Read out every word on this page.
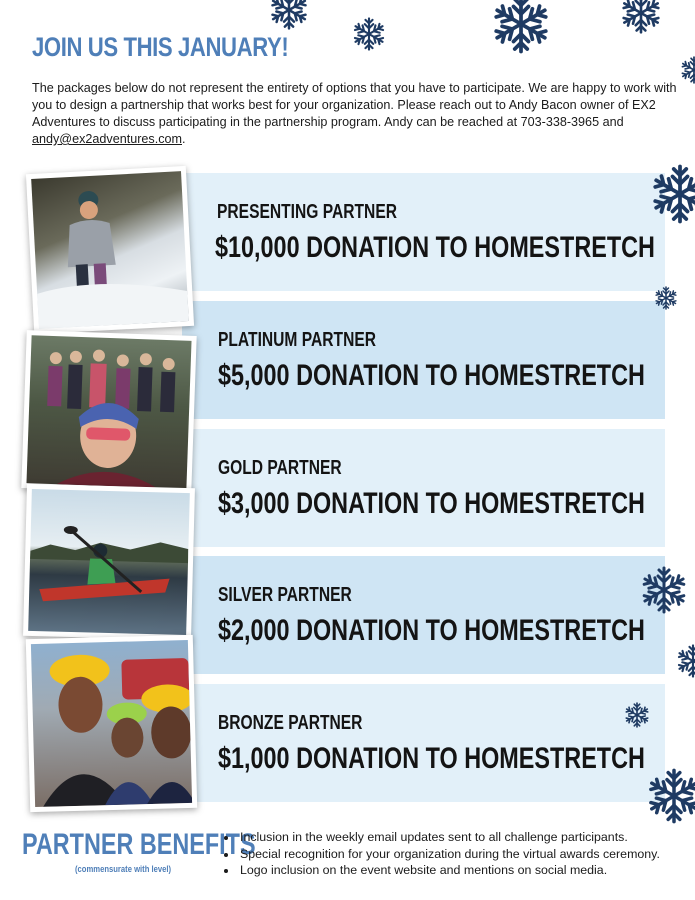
JOIN US THIS JANUARY!
The packages below do not represent the entirety of options that you have to participate. We are happy to work with you to design a partnership that works best for your organization. Please reach out to Andy Bacon owner of EX2 Adventures to discuss participating in the partnership program. Andy can be reached at 703-338-3965 and andy@ex2adventures.com.
PRESENTING PARTNER
$10,000 DONATION TO HOMESTRETCH
PLATINUM PARTNER
$5,000 DONATION TO HOMESTRETCH
GOLD PARTNER
$3,000 DONATION TO HOMESTRETCH
SILVER PARTNER
$2,000 DONATION TO HOMESTRETCH
BRONZE PARTNER
$1,000 DONATION TO HOMESTRETCH
PARTNER BENEFITS
(commensurate with level)
• Inclusion in the weekly email updates sent to all challenge participants.
• Special recognition for your organization during the virtual awards ceremony.
• Logo inclusion on the event website and mentions on social media.
